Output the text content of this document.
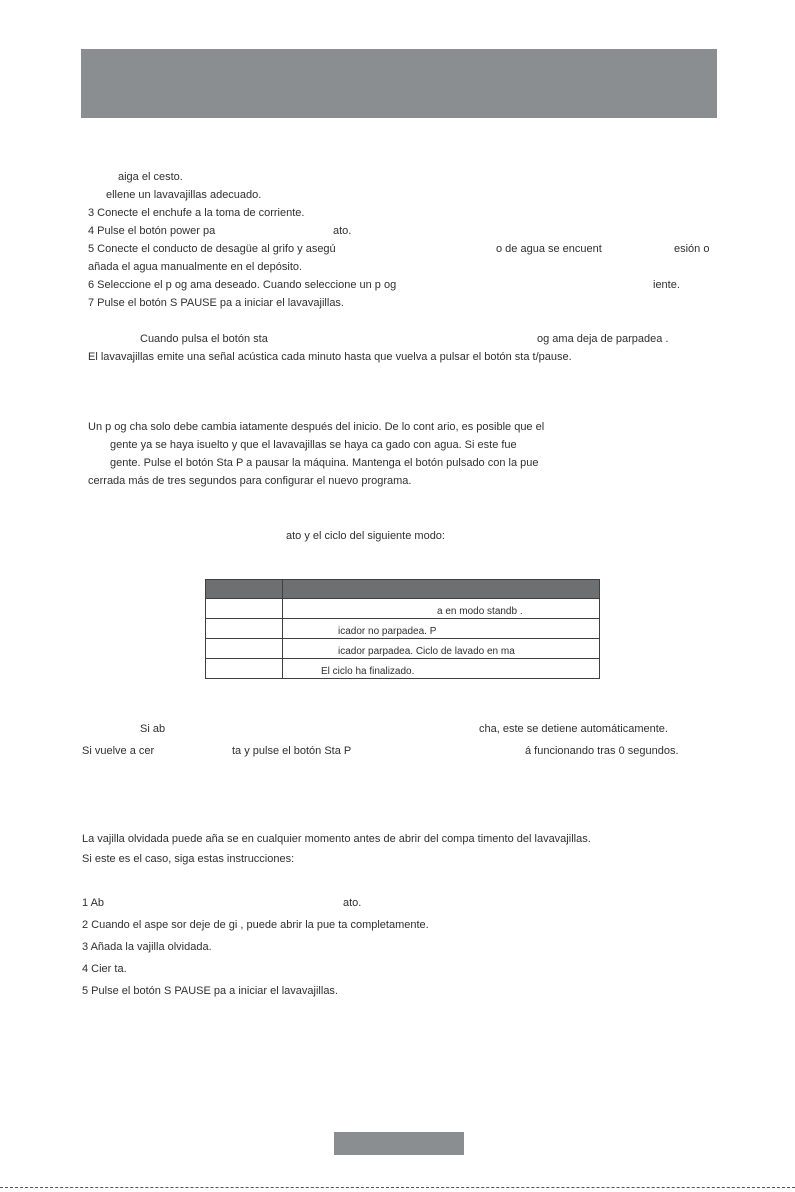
aiga el cesto.
ellene un lavavajillas adecuado.
3 Conecte el enchufe a la toma de corriente.
4 Pulse el botón power pa	ato.
5 Conecte el conducto de desagüe al grifo y asegú	o de agua se encuent	esión o
añada el agua manualmente en el depósito.
6 Seleccione el p og ama deseado. Cuando seleccione un p og	iente.
7 Pulse el botón S PAUSE pa a iniciar el lavavajillas.
Cuando pulsa el botón sta	og ama deja de parpadea .
El lavavajillas emite una señal acústica cada minuto hasta que vuelva a pulsar el botón sta t/pause.
Un p og cha solo debe cambia iatamente después del inicio. De lo cont ario, es posible que el
gente ya se haya isuelto y que el lavavajillas se haya ca gado con agua. Si este fue
gente. Pulse el botón Sta P a pausar la máquina. Mantenga el botón pulsado con la pue
cerrada más de tres segundos para configurar el nuevo programa.
ato y el ciclo del siguiente modo:

	a en modo standb .
	icador no parpadea. P
	icador parpadea. Ciclo de lavado en ma
	El ciclo ha finalizado.
Si ab	cha, este se detiene automáticamente.
Si vuelve a cer	ta y pulse el botón Sta P	á funcionando tras 0 segundos.
La vajilla olvidada puede aña se en cualquier momento antes de abrir del compa timento del lavavajillas.
Si este es el caso, siga estas instrucciones:
1 Ab	ato.
2 Cuando el aspe sor deje de gi , puede abrir la pue ta completamente.
3 Añada la vajilla olvidada.
4 Cier ta.
5 Pulse el botón S PAUSE pa a iniciar el lavavajillas.
